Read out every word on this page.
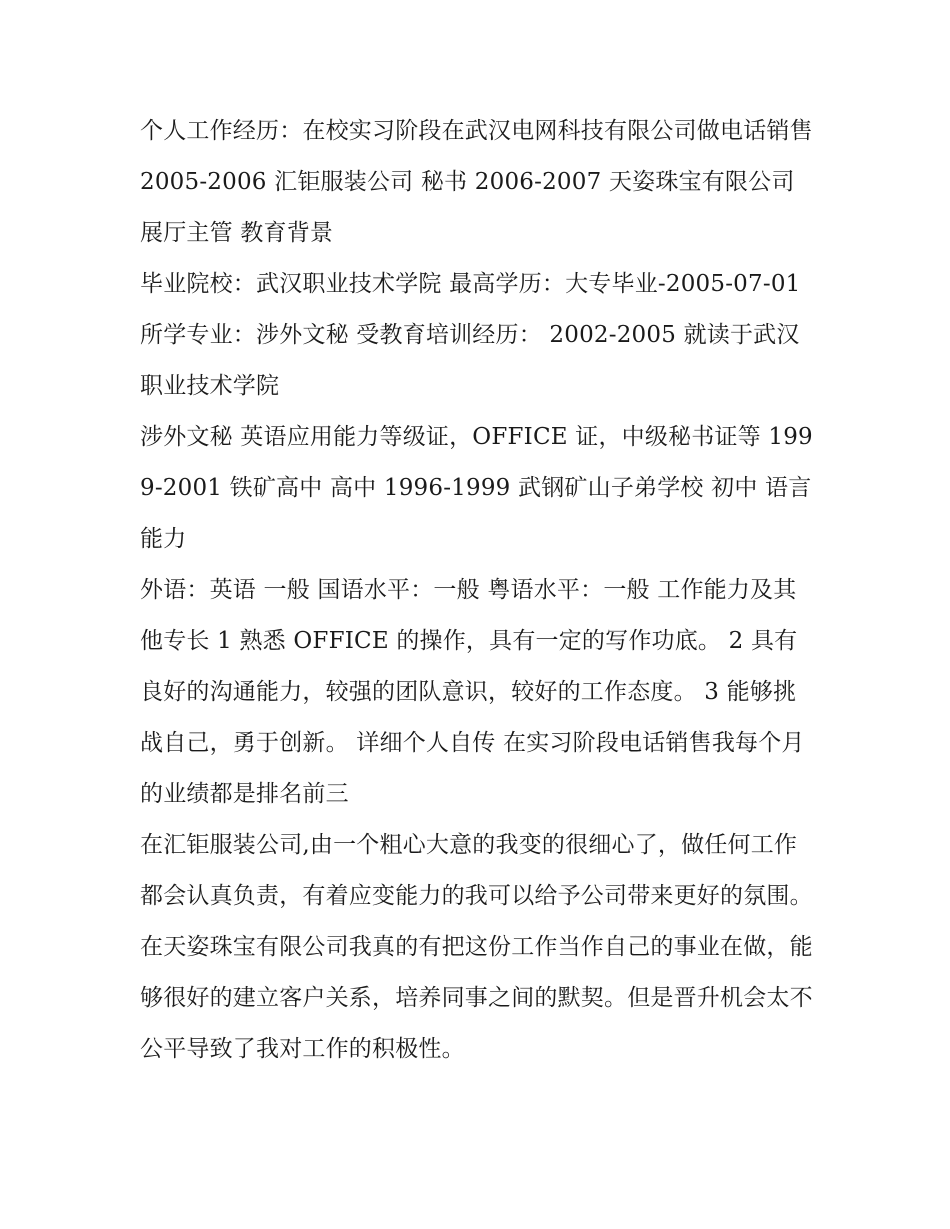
个人工作经历：在校实习阶段在武汉电网科技有限公司做电话销售 2005-2006 汇钜服装公司 秘书 2006-2007 天姿珠宝有限公司 展厅主管 教育背景

毕业院校：武汉职业技术学院 最高学历：大专毕业-2005-07-01 所学专业：涉外文秘 受教育培训经历： 2002-2005 就读于武汉职业技术学院

涉外文秘 英语应用能力等级证，OFFICE 证，中级秘书证等 1999-2001 铁矿高中 高中 1996-1999 武钢矿山子弟学校 初中 语言能力

外语：英语 一般 国语水平：一般 粤语水平：一般 工作能力及其他专长 1 熟悉 OFFICE 的操作，具有一定的写作功底。 2 具有良好的沟通能力，较强的团队意识，较好的工作态度。 3 能够挑战自己，勇于创新。 详细个人自传 在实习阶段电话销售我每个月的业绩都是排名前三

在汇钜服装公司,由一个粗心大意的我变的很细心了，做任何工作都会认真负责，有着应变能力的我可以给予公司带来更好的氛围。

在天姿珠宝有限公司我真的有把这份工作当作自己的事业在做，能够很好的建立客户关系，培养同事之间的默契。但是晋升机会太不公平导致了我对工作的积极性。
